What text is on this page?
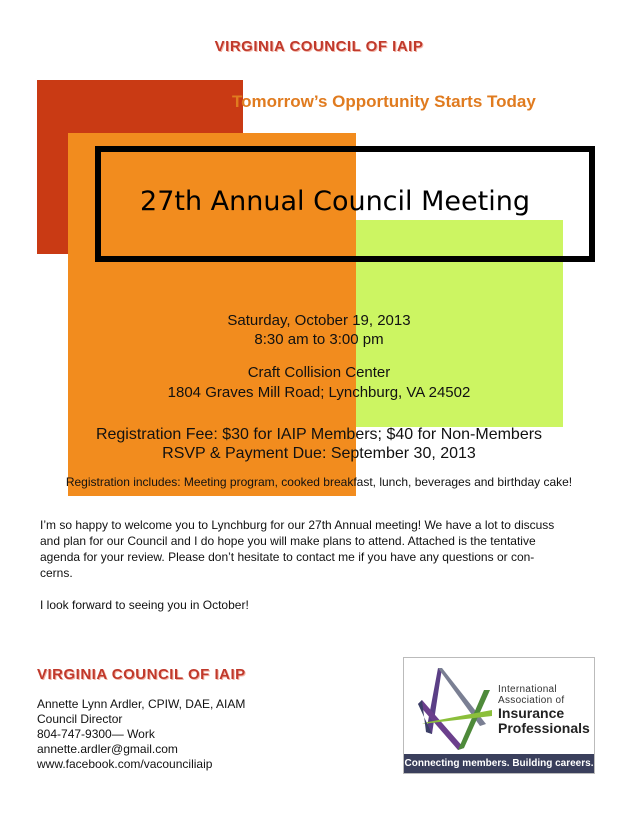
VIRGINIA COUNCIL OF IAIP
Tomorrow’s Opportunity Starts Today
27th Annual Council Meeting
Saturday, October 19, 2013
8:30 am to 3:00 pm
Craft Collision Center
1804 Graves Mill Road; Lynchburg, VA 24502
Registration Fee: $30 for IAIP Members; $40 for Non-Members
RSVP & Payment Due: September 30, 2013
Registration includes: Meeting program, cooked breakfast, lunch, beverages and birthday cake!
I’m so happy to welcome you to Lynchburg for our 27th Annual meeting! We have a lot to discuss
and plan for our Council and I do hope you will make plans to attend. Attached is the tentative
agenda for your review. Please don’t hesitate to contact me if you have any questions or con-
cerns.
I look forward to seeing you in October!
VIRGINIA COUNCIL OF IAIP
Annette Lynn Ardler, CPIW, DAE, AIAM
Council Director
804-747-9300— Work
annette.ardler@gmail.com
www.facebook.com/vacounciliaip
International
Association of
Insurance
Professionals
Connecting members. Building careers.
